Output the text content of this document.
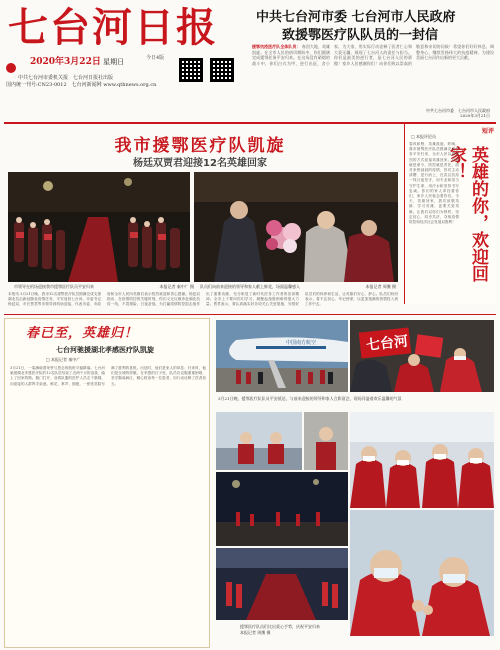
七台河日报
2020年3月22日 星期日	今日4版
中共七台河市委机关报　七台河日报社出版
国内统一刊号:CN23-0012　七台河新闻网 www.qthnews.org.cn
中共七台河市委 七台河市人民政府
致援鄂医疗队队员的一封信
援鄂抗疫医疗队全体队员： 春回大地，英雄凯旋。在全市人民的热切期盼中，你们圆满完成援鄂任务平安归来。在这场没有硝烟的战斗中，你们白衣为甲、逆行出征，舍小家、为大家，用实际行动诠释了医者仁心和大爱无疆，展现了七台河人的责任与担当。你们是最美的逆行者，是七台河人民的骄傲！家乡人民感谢你们！向你们致以崇高的敬意和亲切的问候！希望你们好好休息、调整身心，继续发扬伟大的抗疫精神，为建设美丽七台河作出新的更大贡献。
中共七台河市委　七台河市人民政府
2020年3月21日
我市援鄂医疗队凯旋
杨廷双贾君迎接12名英雄回家
市领导在机场迎接我市援鄂医疗队员平安归来	本报记者 秦中广 摄 队员们向前来迎接的领导和家人献上鲜花，场面温馨感人	本报记者 周鹰 摄
本报讯 3月21日晚，我市12名援鄂医疗队员圆满完成支援湖北抗击新冠肺炎疫情任务，平安返回七台河。市委书记杨廷双、市长贾君等市领导到机场迎接，代表市委、市政府和全市人民向英雄们表示热烈欢迎和衷心感谢。杨廷双指出，在疫情防控的关键时刻，你们义无反顾奔赴湖北抗疫一线，不畏艰险、日夜奋战，为打赢疫情防控阻击战作出了重要贡献，充分彰显了新时代医务工作者的崇高精神。全市上下要向你们学习，凝聚起战胜困难的强大力量。贾君表示，要认真落实好各项关心关爱措施，安排好队员们的休养和生活，让英雄们安心、舒心。队员们纷纷表示，将不忘初心、牢记使命，以更加饱满的热情投入到工作中去。
短评
□ 本报评论员
英雄的你，欢迎回家！
春风和煦，英雄凯旋。昨晚，我市援鄂医疗队员圆满完成任务平安归来，全市人民以最热烈的方式迎接英雄回家。疫情就是命令，防控就是责任。面对来势汹汹的疫情，你们主动请缨、逆行而上，在武汉抗疫一线日夜坚守，用专业和担当守护生命，用汗水和坚持书写忠诚。你们的家人牵挂着你们，家乡人民惦念着你们。今天，英雄回家，我们致敬英雄、学习英雄，更要关爱英雄。让我们以你们为榜样，坚定信心、同舟共济，夺取疫情防控和经济社会发展双胜利！
春已至，英雄归！
七台河驰援湖北孝感医疗队凯旋
□ 本报记者 秦中广
3月21日，一架满载着荣誉与思念的航班平稳降落。七台河驰援湖北孝感医疗队的12名队员结束了近两个月的奋战，踏上了回家的路。舱门打开，身着队服的医护人员走下舷梯，向迎接的人群挥手致意。鲜花、掌声、拥抱，一张张笑脸写满了胜利的喜悦。出征时，他们是家人的牵挂；归来时，他们是全城的骄傲。在孝感的日子里，队员们克服重重困难，坚守隔离病区，精心救治每一位患者，用行动诠释了医者担当。
中国南方航空	七台河
3月21日晚，援鄂医疗队队员平安抵达，与前来迎接的领导和家人合影留念，现场洋溢着欢乐温馨的气氛
援鄂医疗队员们比出爱心手势，庆祝平安归来
本报记者 周鹰 摄
